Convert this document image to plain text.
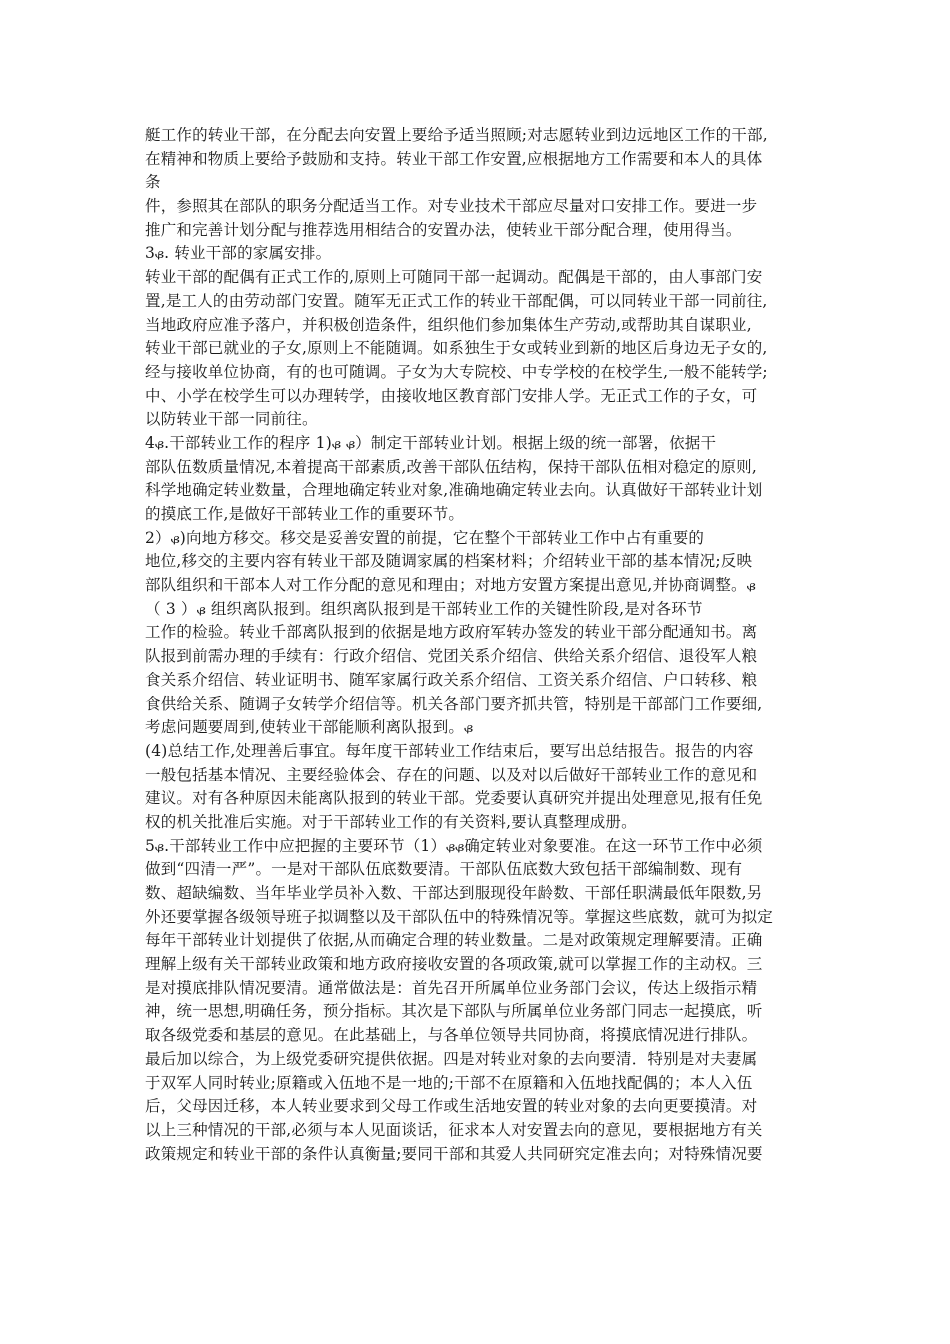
艇工作的转业干部，在分配去向安置上要给予适当照顾;对志愿转业到边远地区工作的干部,
在精神和物质上要给予鼓励和支持。转业干部工作安置,应根据地方工作需要和本人的具体
条
件，参照其在部队的职务分配适当工作。对专业技术干部应尽量对口安排工作。要进一步
推广和完善计划分配与推荐选用相结合的安置办法，使转业干部分配合理，使用得当。
3ᏸ. 转业干部的家属安排。
转业干部的配偶有正式工作的,原则上可随同干部一起调动。配偶是干部的，由人事部门安
置,是工人的由劳动部门安置。随军无正式工作的转业干部配偶，可以同转业干部一同前往,
当地政府应准予落户，并积极创造条件，组织他们参加集体生产劳动,或帮助其自谋职业,
转业干部已就业的子女,原则上不能随调。如系独生于女或转业到新的地区后身边无子女的,
经与接收单位协商，有的也可随调。子女为大专院校、中专学校的在校学生,一般不能转学;
中、小学在校学生可以办理转学，由接收地区教育部门安排人学。无正式工作的子女，可
以防转业干部一同前往。
4ᏸ.干部转业工作的程序 1)ᏸ ᏸ）制定干部转业计划。根据上级的统一部署，依据干
部队伍数质量情况,本着提高干部素质,改善干部队伍结构，保持干部队伍相对稳定的原则,
科学地确定转业数量，合理地确定转业对象,准确地确定转业去向。认真做好干部转业计划
的摸底工作,是做好干部转业工作的重要环节。
2）ᏸ)向地方移交。移交是妥善安置的前提，它在整个干部转业工作中占有重要的
地位,移交的主要内容有转业干部及随调家属的档案材料；介绍转业干部的基本情况;反映
部队组织和干部本人对工作分配的意见和理由；对地方安置方案提出意见,并协商调整。ᏸ
（ 3 ）ᏸ 组织离队报到。组织离队报到是干部转业工作的关键性阶段,是对各环节
工作的检验。转业千部离队报到的依据是地方政府军转办签发的转业干部分配通知书。离
队报到前需办理的手续有：行政介绍信、党团关系介绍信、供给关系介绍信、退役军人粮
食关系介绍信、转业证明书、随军家属行政关系介绍信、工资关系介绍信、户口转移、粮
食供给关系、随调子女转学介绍信等。机关各部门要齐抓共管，特别是干部部门工作要细,
考虑问题要周到,使转业干部能顺利离队报到。ᏸ
(4)总结工作,处理善后事宜。每年度干部转业工作结束后，要写出总结报告。报告的内容
一般包括基本情况、主要经验体会、存在的问题、以及对以后做好干部转业工作的意见和
建议。对有各种原因未能离队报到的转业干部。党委要认真研究并提出处理意见,报有任免
权的机关批准后实施。对于干部转业工作的有关资料,要认真整理成册。
5ᏸ.干部转业工作中应把握的主要环节（1）ᏸᏸ确定转业对象要准。在这一环节工作中必须
做到“四清一严”。一是对干部队伍底数要清。干部队伍底数大致包括干部编制数、现有
数、超缺编数、当年毕业学员补入数、干部达到服现役年龄数、干部任职满最低年限数,另
外还要掌握各级领导班子拟调整以及干部队伍中的特殊情况等。掌握这些底数，就可为拟定
每年干部转业计划提供了依据,从而确定合理的转业数量。二是对政策规定理解要清。正确
理解上级有关干部转业政策和地方政府接收安置的各项政策,就可以掌握工作的主动权。三
是对摸底排队情况要清。通常做法是：首先召开所属单位业务部门会议，传达上级指示精
神，统一思想,明确任务，预分指标。其次是下部队与所属单位业务部门同志一起摸底，听
取各级党委和基层的意见。在此基础上，与各单位领导共同协商，将摸底情况进行排队。
最后加以综合，为上级党委研究提供依据。四是对转业对象的去向要清．特别是对夫妻属
于双军人同时转业;原籍或入伍地不是一地的;干部不在原籍和入伍地找配偶的；本人入伍
后，父母因迁移，本人转业要求到父母工作或生活地安置的转业对象的去向更要摸清。对
以上三种情况的干部,必须与本人见面谈话，征求本人对安置去向的意见，要根据地方有关
政策规定和转业干部的条件认真衡量;要同干部和其爱人共同研究定准去向；对特殊情况要
